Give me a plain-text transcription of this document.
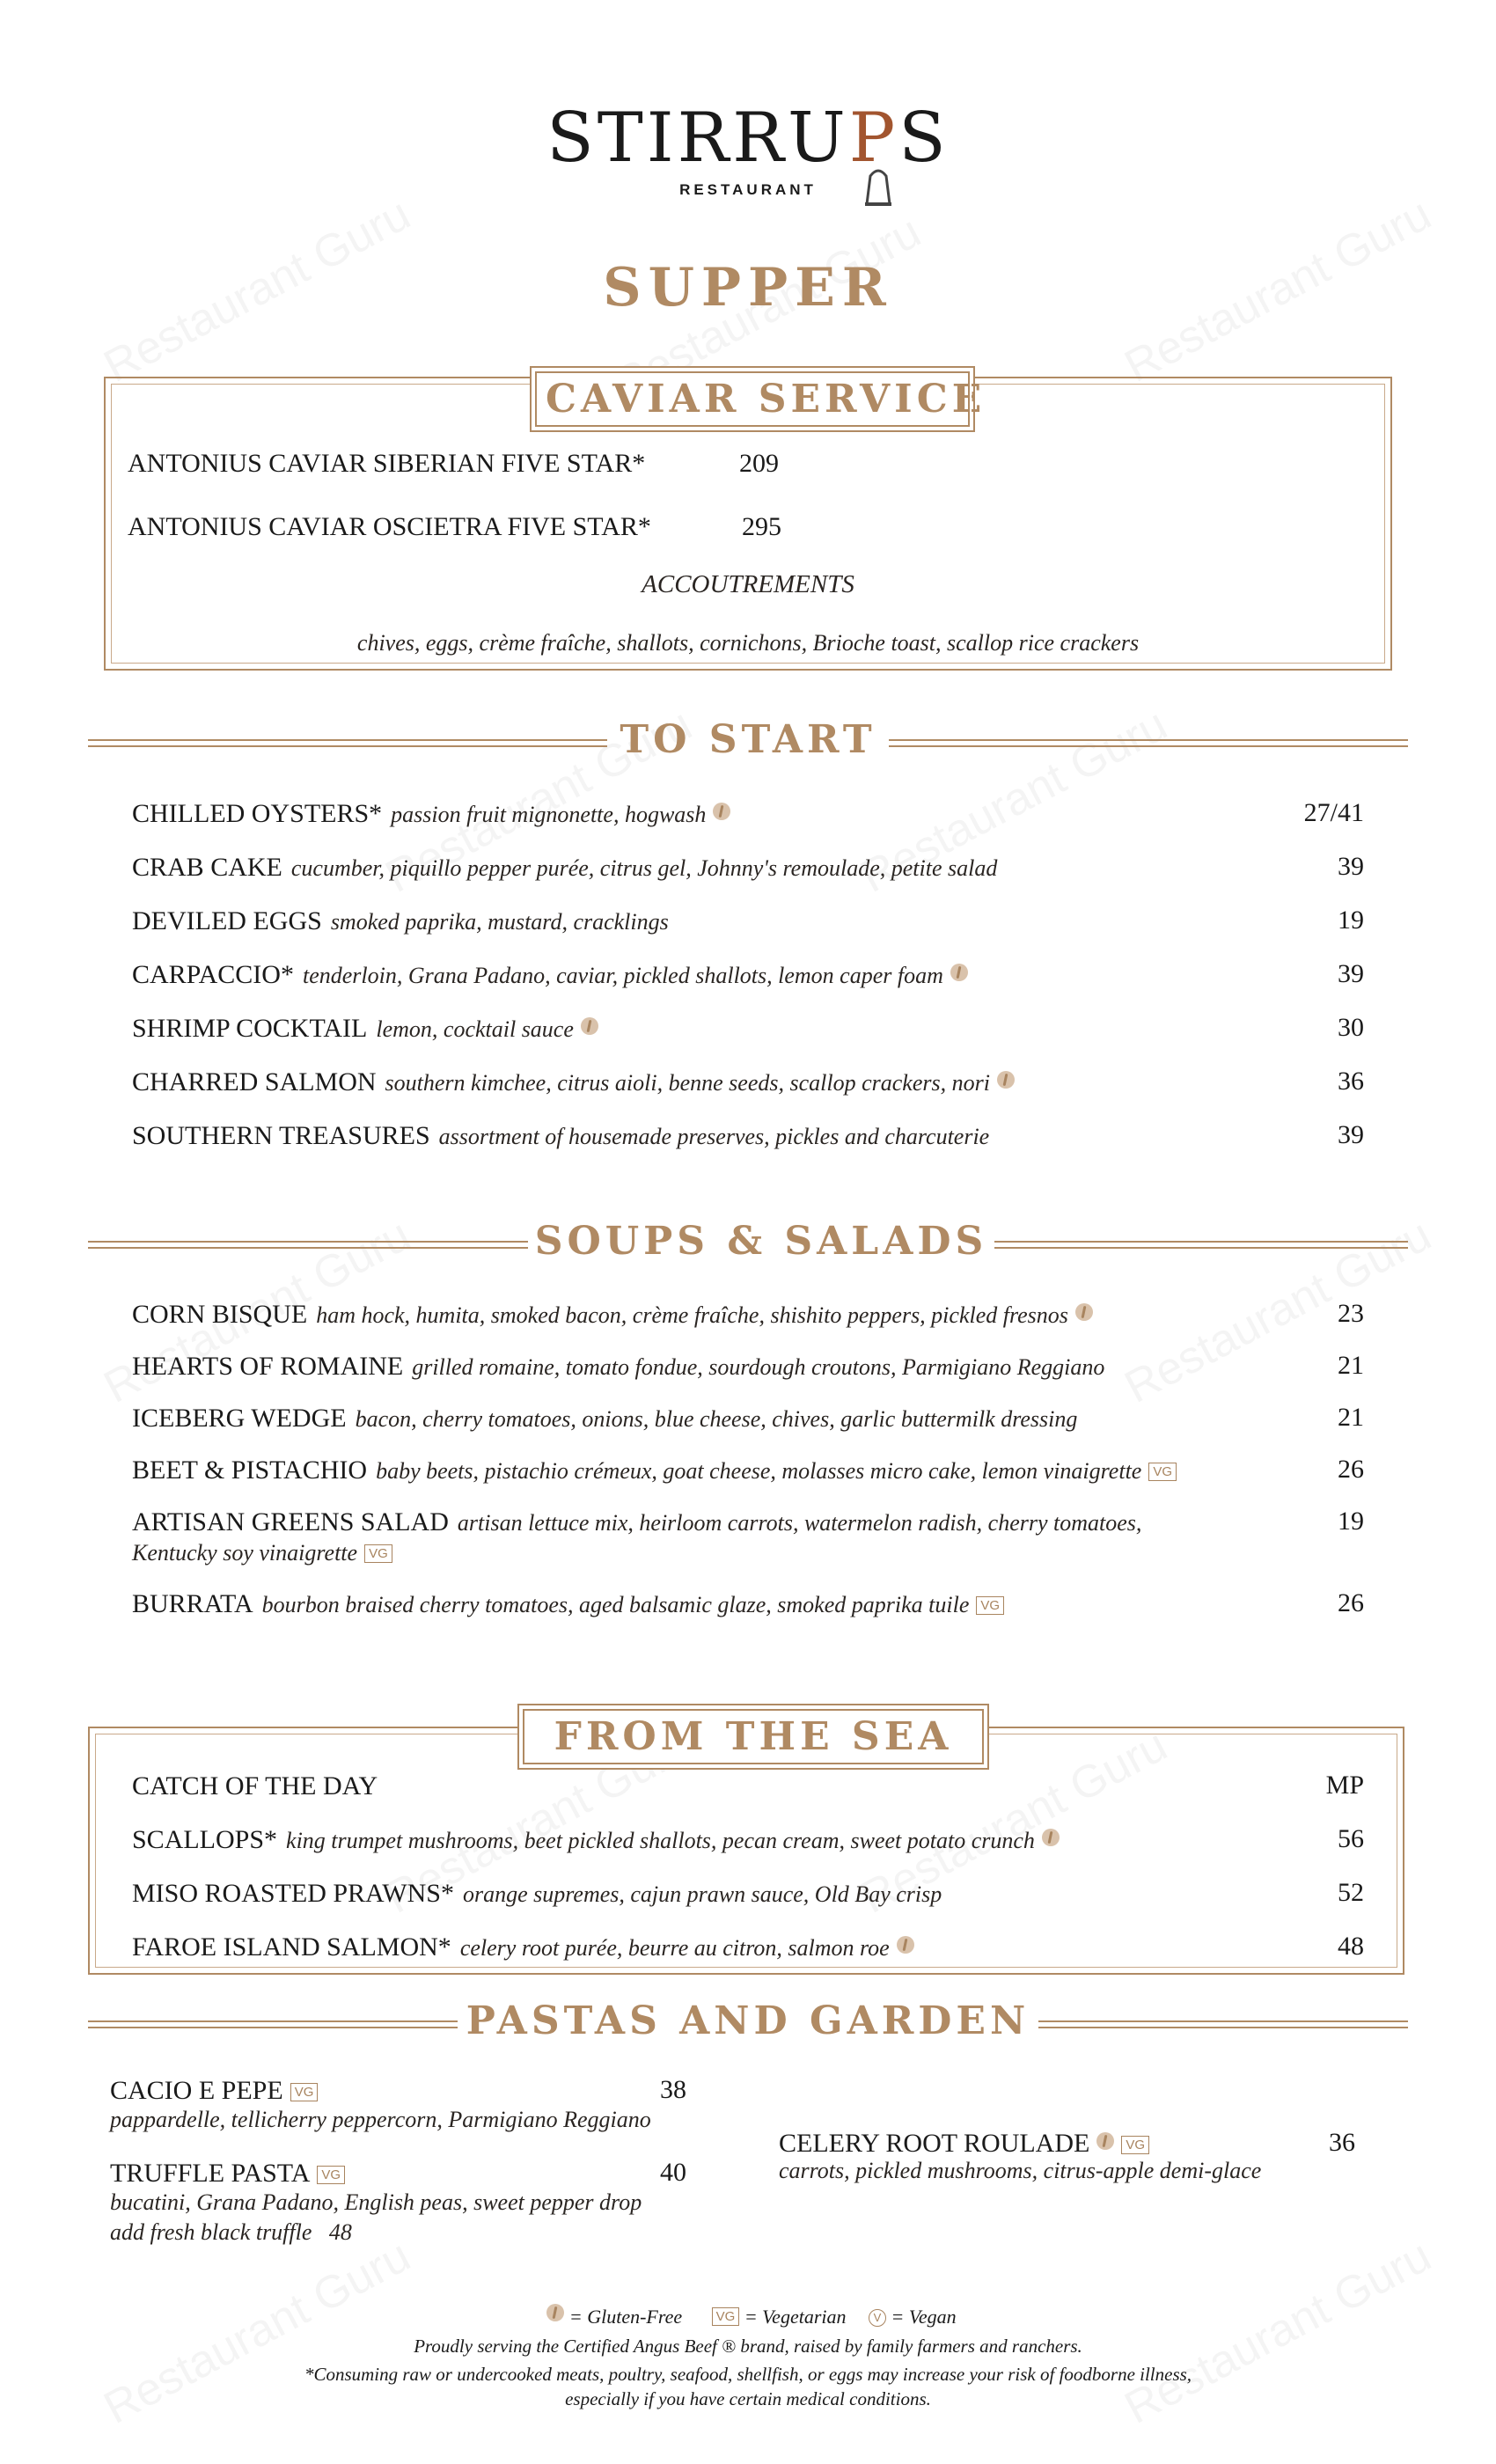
STIRRUPS
RESTAURANT
SUPPER
CAVIAR SERVICE
ANTONIUS CAVIAR SIBERIAN FIVE STAR*	209
ANTONIUS CAVIAR OSCIETRA FIVE STAR*	295
ACCOUTREMENTS
chives, eggs, crème fraîche, shallots, cornichons, Brioche toast, scallop rice crackers
TO START
CHILLED OYSTERS* passion fruit mignonette, hogwash	27/41
CRAB CAKE cucumber, piquillo pepper purée, citrus gel, Johnny's remoulade, petite salad	39
DEVILED EGGS smoked paprika, mustard, cracklings	19
CARPACCIO* tenderloin, Grana Padano, caviar, pickled shallots, lemon caper foam	39
SHRIMP COCKTAIL lemon, cocktail sauce	30
CHARRED SALMON southern kimchee, citrus aioli, benne seeds, scallop crackers, nori	36
SOUTHERN TREASURES assortment of housemade preserves, pickles and charcuterie	39
SOUPS & SALADS
CORN BISQUE ham hock, humita, smoked bacon, crème fraîche, shishito peppers, pickled fresnos	23
HEARTS OF ROMAINE grilled romaine, tomato fondue, sourdough croutons, Parmigiano Reggiano	21
ICEBERG WEDGE bacon, cherry tomatoes, onions, blue cheese, chives, garlic buttermilk dressing	21
BEET & PISTACHIO baby beets, pistachio crémeux, goat cheese, molasses micro cake, lemon vinaigrette VG	26
ARTISAN GREENS SALAD artisan lettuce mix, heirloom carrots, watermelon radish, cherry tomatoes,	19
Kentucky soy vinaigrette VG
BURRATA bourbon braised cherry tomatoes, aged balsamic glaze, smoked paprika tuile VG	26
FROM THE SEA
CATCH OF THE DAY	MP
SCALLOPS* king trumpet mushrooms, beet pickled shallots, pecan cream, sweet potato crunch	56
MISO ROASTED PRAWNS* orange supremes, cajun prawn sauce, Old Bay crisp	52
FAROE ISLAND SALMON* celery root purée, beurre au citron, salmon roe	48
PASTAS AND GARDEN
CACIO E PEPE VG	38
pappardelle, tellicherry peppercorn, Parmigiano Reggiano
TRUFFLE PASTA VG	40
bucatini, Grana Padano, English peas, sweet pepper drop
add fresh black truffle 48
CELERY ROOT ROULADE	VG	36
carrots, pickled mushrooms, citrus-apple demi-glace
= Gluten-Free	VG = Vegetarian V = Vegan
Proudly serving the Certified Angus Beef ® brand, raised by family farmers and ranchers.
*Consuming raw or undercooked meats, poultry, seafood, shellfish, or eggs may increase your risk of foodborne illness,
especially if you have certain medical conditions.
